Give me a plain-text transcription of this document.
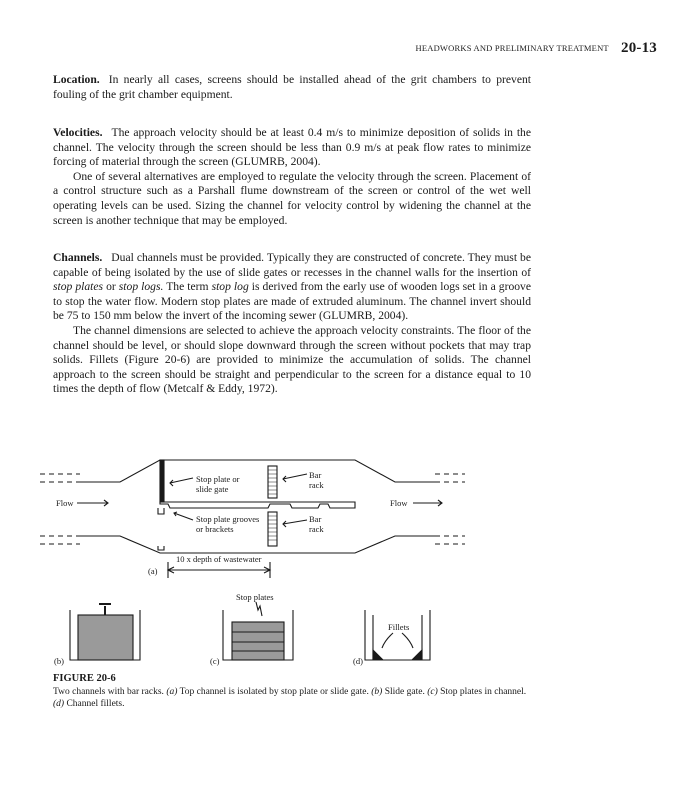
HEADWORKS AND PRELIMINARY TREATMENT 20-13

Location. In nearly all cases, screens should be installed ahead of the grit chambers to prevent fouling of the grit chamber equipment.

Velocities. The approach velocity should be at least 0.4 m/s to minimize deposition of solids in the channel. The velocity through the screen should be less than 0.9 m/s at peak flow rates to minimize forcing of material through the screen (GLUMRB, 2004).

One of several alternatives are employed to regulate the velocity through the screen. Placement of a control structure such as a Parshall flume downstream of the screen or control of the wet well operating levels can be used. Sizing the channel for velocity control by widening the channel at the screen is another technique that may be employed.

Channels. Dual channels must be provided. Typically they are constructed of concrete. They must be capable of being isolated by the use of slide gates or recesses in the channel walls for the insertion of stop plates or stop logs. The term stop log is derived from the early use of wooden logs set in a groove to stop the water flow. Modern stop plates are made of extruded aluminum. The channel invert should be 75 to 150 mm below the invert of the incoming sewer (GLUMRB, 2004).

The channel dimensions are selected to achieve the approach velocity constraints. The floor of the channel should be level, or should slope downward through the screen without pockets that may trap solids. Fillets (Figure 20-6) are provided to minimize the accumulation of solids. The channel approach to the screen should be straight and perpendicular to the screen for a distance equal to 10 times the depth of flow (Metcalf & Eddy, 1972).

Stop plate or
slide gate
Bar
rack
Flow	Flow
Stop plate grooves
or brackets
Bar
rack
10 x depth of wastewater
(a)
Stop plates
Fillets
(b)	(c)	(d)
FIGURE 20-6
Two channels with bar racks. (a) Top channel is isolated by stop plate or slide gate. (b) Slide gate. (c) Stop plates in channel. (d) Channel fillets.
